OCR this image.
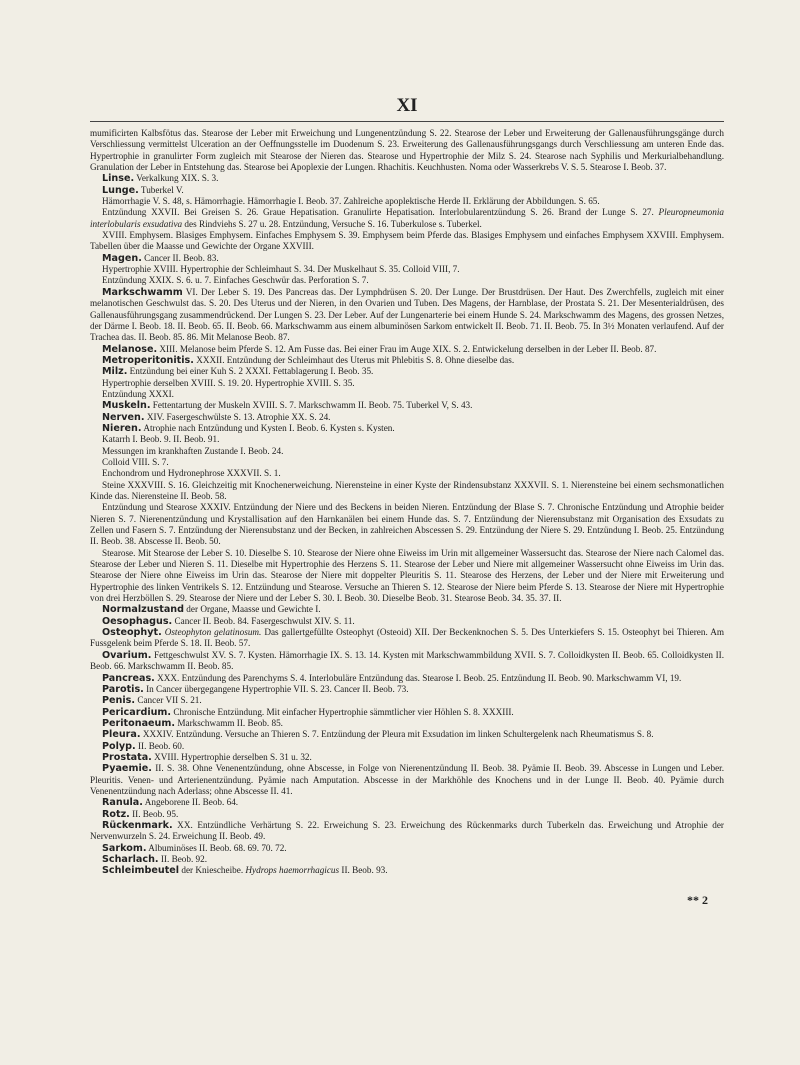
XI

mumificirten Kalbsfötus das. Stearose der Leber mit Erweichung und Lungenentzündung S. 22. Stearose der Leber und Erweiterung der Gallenausführungsgänge durch Verschliessung vermittelst Ulceration an der Oeffnungsstelle im Duodenum S. 23. Erweiterung des Gallenausführungsgangs durch Verschliessung am unteren Ende das. Hypertrophie in granulirter Form zugleich mit Stearose der Nieren das. Stearose und Hypertrophie der Milz S. 24. Stearose nach Syphilis und Merkurialbehandlung. Granulation der Leber in Entstehung das. Stearose bei Apoplexie der Lungen. Rhachitis. Keuchhusten. Noma oder Wasserkrebs V. S. 5. Stearose I. Beob. 37.

Linse. Verkalkung XIX. S. 3.

Lunge. Tuberkel V.

Hämorrhagie V. S. 48, s. Hämorrhagie. Hämorrhagie I. Beob. 37. Zahlreiche apoplektische Herde II. Erklärung der Abbildungen. S. 65.

Entzündung XXVII. Bei Greisen S. 26. Graue Hepatisation. Granulirte Hepatisation. Interlobularentzündung S. 26. Brand der Lunge S. 27. Pleuropneumonia interlobularis exsudativa des Rindviehs S. 27 u. 28. Entzündung, Versuche S. 16. Tuberkulose s. Tuberkel.

XVIII. Emphysem. Blasiges Emphysem. Einfaches Emphysem S. 39. Emphysem beim Pferde das. Blasiges Emphysem und einfaches Emphysem XXVIII. Emphysem. Tabellen über die Maasse und Gewichte der Organe XXVIII.

Magen. Cancer II. Beob. 83.

Hypertrophie XVIII. Hypertrophie der Schleimhaut S. 34. Der Muskelhaut S. 35. Colloid VIII, 7.

Entzündung XXIX. S. 6. u. 7. Einfaches Geschwür das. Perforation S. 7.

Markschwamm VI. Der Leber S. 19. Des Pancreas das. Der Lymphdrüsen S. 20. Der Lunge. Der Brustdrüsen. Der Haut. Des Zwerchfells, zugleich mit einer melanotischen Geschwulst das. S. 20. Des Uterus und der Nieren, in den Ovarien und Tuben. Des Magens, der Harnblase, der Prostata S. 21. Der Mesenterialdrüsen, des Gallenausführungsgang zusammendrückend. Der Lungen S. 23. Der Leber. Auf der Lungenarterie bei einem Hunde S. 24. Markschwamm des Magens, des grossen Netzes, der Därme I. Beob. 18. II. Beob. 65. II. Beob. 66. Markschwamm aus einem albuminösen Sarkom entwickelt II. Beob. 71. II. Beob. 75. In 3½ Monaten verlaufend. Auf der Trachea das. II. Beob. 85. 86. Mit Melanose Beob. 87.

Melanose. XIII. Melanose beim Pferde S. 12. Am Fusse das. Bei einer Frau im Auge XIX. S. 2. Entwickelung derselben in der Leber II. Beob. 87.

Metroperitonitis. XXXII. Entzündung der Schleimhaut des Uterus mit Phlebitis S. 8. Ohne dieselbe das.

Milz. Entzündung bei einer Kuh S. 2 XXXI. Fettablagerung I. Beob. 35.

Hypertrophie derselben XVIII. S. 19. 20. Hypertrophie XVIII. S. 35.

Entzündung XXXI.

Muskeln. Fettentartung der Muskeln XVIII. S. 7. Markschwamm II. Beob. 75. Tuberkel V, S. 43.

Nerven. XIV. Fasergeschwülste S. 13. Atrophie XX. S. 24.

Nieren. Atrophie nach Entzündung und Kysten I. Beob. 6. Kysten s. Kysten.

Katarrh I. Beob. 9. II. Beob. 91.

Messungen im krankhaften Zustande I. Beob. 24.

Colloid VIII. S. 7.

Enchondrom und Hydronephrose XXXVII. S. 1.

Steine XXXVIII. S. 16. Gleichzeitig mit Knochenerweichung. Nierensteine in einer Kyste der Rindensubstanz XXXVII. S. 1. Nierensteine bei einem sechsmonatlichen Kinde das. Nierensteine II. Beob. 58.

Entzündung und Stearose XXXIV. Entzündung der Niere und des Beckens in beiden Nieren. Entzündung der Blase S. 7. Chronische Entzündung und Atrophie beider Nieren S. 7. Nierenentzündung und Krystallisation auf den Harnkanälen bei einem Hunde das. S. 7. Entzündung der Nierensubstanz mit Organisation des Exsudats zu Zellen und Fasern S. 7. Entzündung der Nierensubstanz und der Becken, in zahlreichen Abscessen S. 29. Entzündung der Niere S. 29. Entzündung I. Beob. 25. Entzündung II. Beob. 38. Abscesse II. Beob. 50.

Stearose. Mit Stearose der Leber S. 10. Dieselbe S. 10. Stearose der Niere ohne Eiweiss im Urin mit allgemeiner Wassersucht das. Stearose der Niere nach Calomel das. Stearose der Leber und Nieren S. 11. Dieselbe mit Hypertrophie des Herzens S. 11. Stearose der Leber und Niere mit allgemeiner Wassersucht ohne Eiweiss im Urin das. Stearose der Niere ohne Eiweiss im Urin das. Stearose der Niere mit doppelter Pleuritis S. 11. Stearose des Herzens, der Leber und der Niere mit Erweiterung und Hypertrophie des linken Ventrikels S. 12. Entzündung und Stearose. Versuche an Thieren S. 12. Stearose der Niere beim Pferde S. 13. Stearose der Niere mit Hypertrophie von drei Herzböllen S. 29. Stearose der Niere und der Leber S. 30. I. Beob. 30. Dieselbe Beob. 31. Stearose Beob. 34. 35. 37. II.

Normalzustand der Organe, Maasse und Gewichte I.

Oesophagus. Cancer II. Beob. 84. Fasergeschwulst XIV. S. 11.

Osteophyt. Osteophyton gelatinosum. Das gallertgefüllte Osteophyt (Osteoid) XII. Der Beckenknochen S. 5. Des Unterkiefers S. 15. Osteophyt bei Thieren. Am Fussgelenk beim Pferde S. 18. II. Beob. 57.

Ovarium. Fettgeschwulst XV. S. 7. Kysten. Hämorrhagie IX. S. 13. 14. Kysten mit Markschwammbildung XVII. S. 7. Colloidkysten II. Beob. 65. Colloidkysten II. Beob. 66. Markschwamm II. Beob. 85.

Pancreas. XXX. Entzündung des Parenchyms S. 4. Interlobuläre Entzündung das. Stearose I. Beob. 25. Entzündung II. Beob. 90. Markschwamm VI, 19.

Parotis. In Cancer übergegangene Hypertrophie VII. S. 23. Cancer II. Beob. 73.

Penis. Cancer VII S. 21.

Pericardium. Chronische Entzündung. Mit einfacher Hypertrophie sämmtlicher vier Höhlen S. 8. XXXIII.

Peritonaeum. Markschwamm II. Beob. 85.

Pleura. XXXIV. Entzündung. Versuche an Thieren S. 7. Entzündung der Pleura mit Exsudation im linken Schultergelenk nach Rheumatismus S. 8.

Polyp. II. Beob. 60.

Prostata. XVIII. Hypertrophie derselben S. 31 u. 32.

Pyaemie. II. S. 38. Ohne Venenentzündung, ohne Abscesse, in Folge von Nierenentzündung II. Beob. 38. Pyämie II. Beob. 39. Abscesse in Lungen und Leber. Pleuritis. Venen- und Arterienentzündung. Pyämie nach Amputation. Abscesse in der Markhöhle des Knochens und in der Lunge II. Beob. 40. Pyämie durch Venenentzündung nach Aderlass; ohne Abscesse II. 41.

Ranula. Angeborene II. Beob. 64.

Rotz. II. Beob. 95.

Rückenmark. XX. Entzündliche Verhärtung S. 22. Erweichung S. 23. Erweichung des Rückenmarks durch Tuberkeln das. Erweichung und Atrophie der Nervenwurzeln S. 24. Erweichung II. Beob. 49.

Sarkom. Albuminöses II. Beob. 68. 69. 70. 72.

Scharlach. II. Beob. 92.

Schleimbeutel der Kniescheibe. Hydrops haemorrhagicus II. Beob. 93.

** 2
